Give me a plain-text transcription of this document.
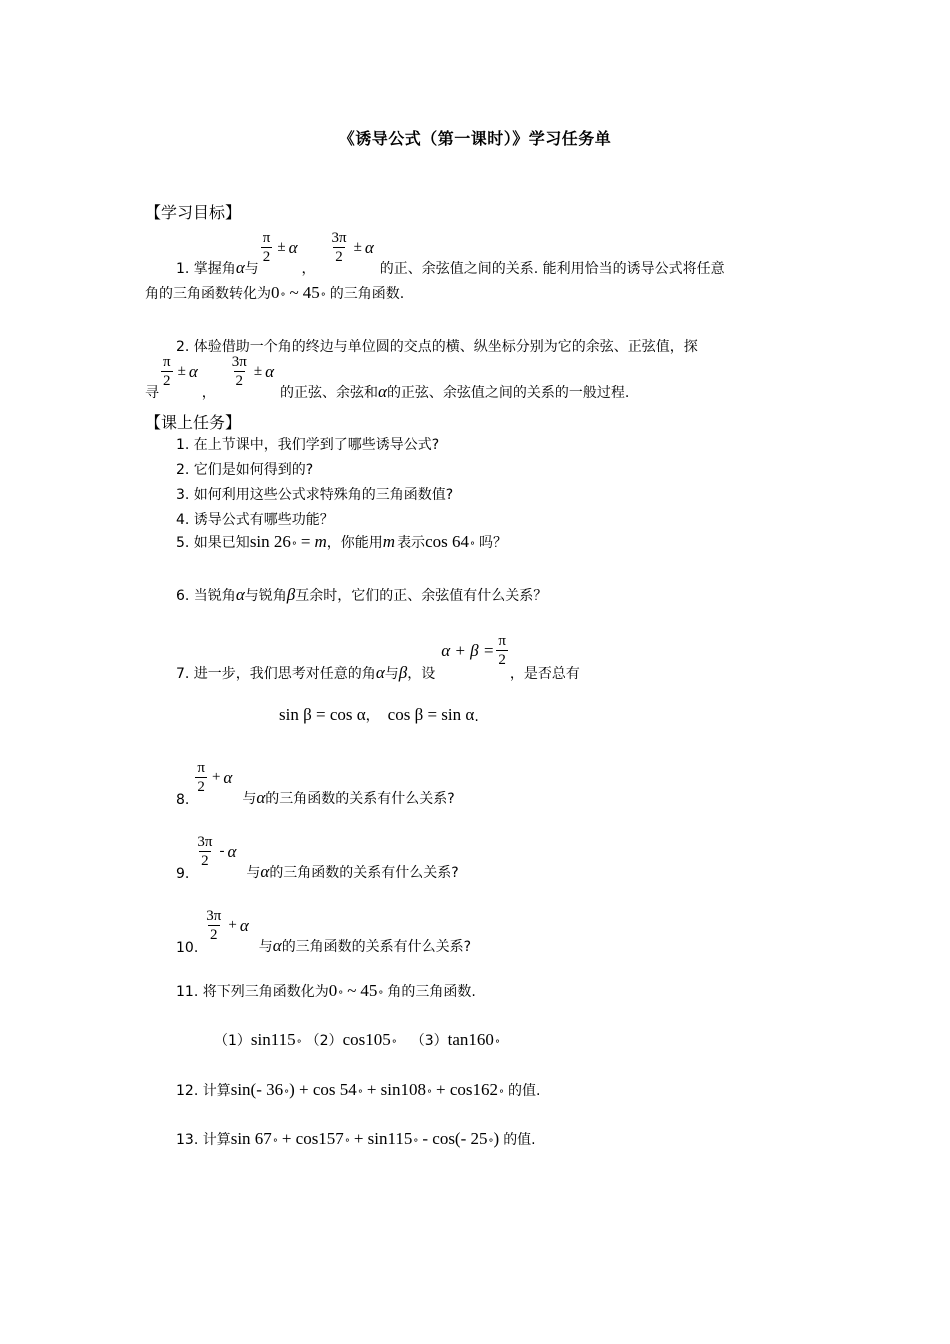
《诱导公式（第一课时）》学习任务单
【学习目标】
1. 掌握角 α 与
$\frac{\pi}{2} \pm \alpha$
，
$\frac{3\pi}{2} \pm \alpha$
的正、余弦值之间的关系. 能利用恰当的诱导公式将任意
角的三角函数转化为 0 ° ~ 45 ° 的三角函数.
2. 体验借助一个角的终边与单位圆的交点的横、纵坐标分别为它的余弦、正弦值，探
寻
$\frac{\pi}{2} \pm \alpha$
，
$\frac{3\pi}{2} \pm \alpha$
的正弦、余弦和 α 的正弦、余弦值之间的关系的一般过程.
【课上任务】
1. 在上节课中，我们学到了哪些诱导公式?
2. 它们是如何得到的?
3. 如何利用这些公式求特殊角的三角函数值?
4. 诱导公式有哪些功能？
5. 如果已知 sin 26 ° = m ，你能用 m 表示 cos 64 ° 吗？
6. 当锐角 α 与锐角 β 互余时，它们的正、余弦值有什么关系？
7. 进一步，我们思考对任意的角 α 与 β ，设
$\alpha + \beta = \frac{\pi}{2}$
，是否总有
sin β = cos α ， cos β = sin α .
8.
$\frac{\pi}{2} + \alpha$
与 α 的三角函数的关系有什么关系?
9.
$\frac{3\pi}{2}$ - α
与 α 的三角函数的关系有什么关系?
10.
$\frac{3\pi}{2} + \alpha$
与 α 的三角函数的关系有什么关系?
11. 将下列三角函数化为 0 ° ~ 45 ° 角的三角函数.
（1） sin115 ° （2） cos105 ° （3） tan160 °
12. 计算 sin(- 36 ° ) + cos 54 ° + sin108 ° + cos162 ° 的值.
13. 计算 sin 67 ° + cos157 ° + sin115 ° - cos(- 25 ° ) 的值.
